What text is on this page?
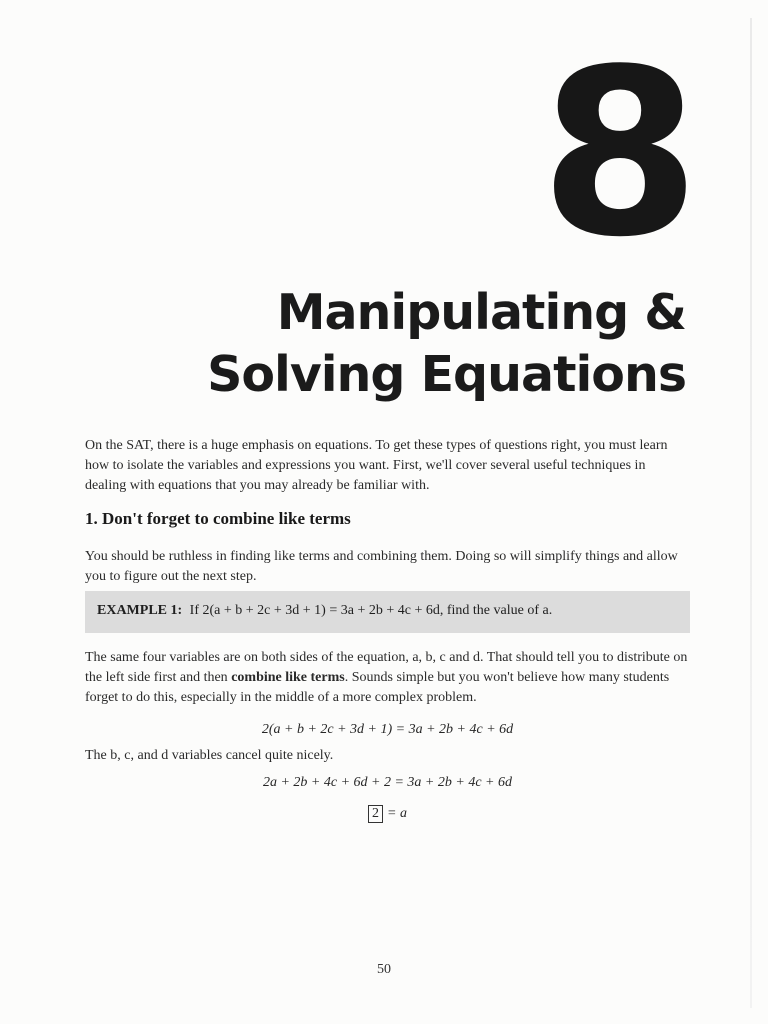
8
Manipulating &
Solving Equations

On the SAT, there is a huge emphasis on equations. To get these types of questions right, you must learn how to isolate the variables and expressions you want. First, we'll cover several useful techniques in dealing with equations that you may already be familiar with.

1. Don't forget to combine like terms

You should be ruthless in finding like terms and combining them. Doing so will simplify things and allow you to figure out the next step.

EXAMPLE 1: If 2(a + b + 2c + 3d + 1) = 3a + 2b + 4c + 6d, find the value of a.

The same four variables are on both sides of the equation, a, b, c and d. That should tell you to distribute on the left side first and then combine like terms. Sounds simple but you won't believe how many students forget to do this, especially in the middle of a more complex problem.

2(a + b + 2c + 3d + 1) = 3a + 2b + 4c + 6d

The b, c, and d variables cancel quite nicely.

2a + 2b + 4c + 6d + 2 = 3a + 2b + 4c + 6d
2 = a
50
